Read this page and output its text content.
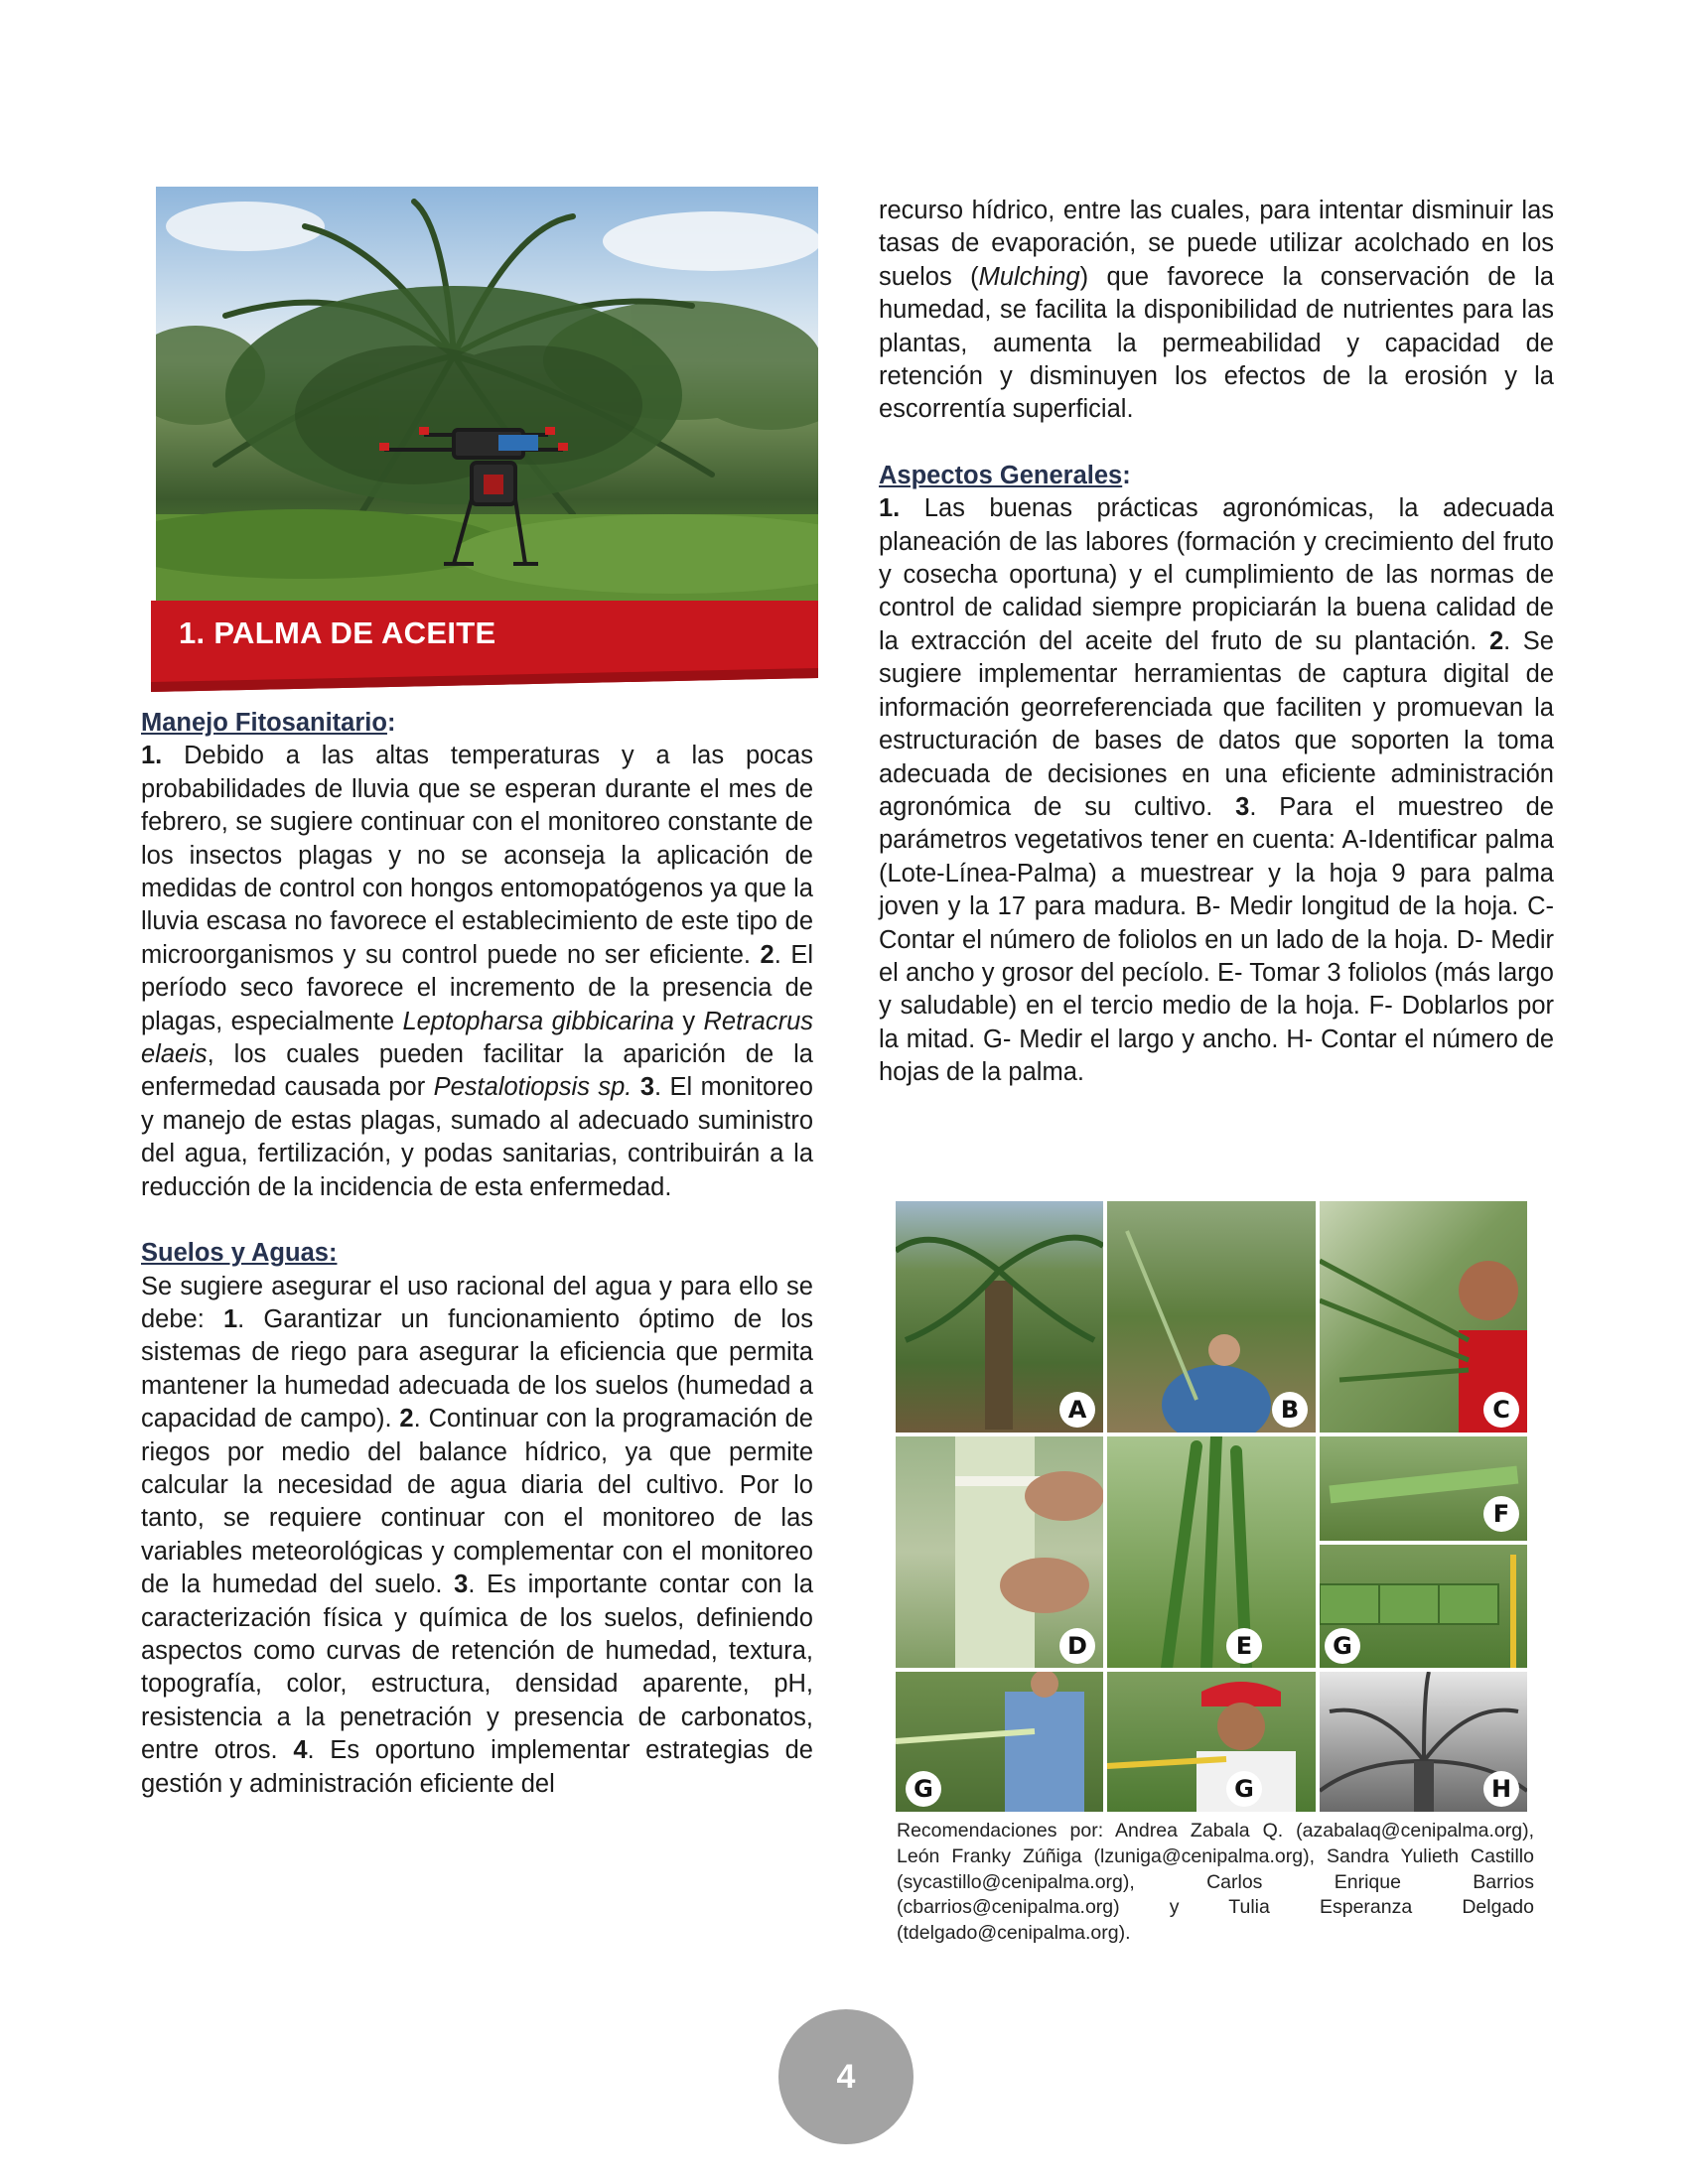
1. PALMA DE ACEITE
Manejo Fitosanitario:

1. Debido a las altas temperaturas y a las pocas probabilidades de lluvia que se esperan durante el mes de febrero, se sugiere continuar con el monitoreo constante de los insectos plagas y no se aconseja la aplicación de medidas de control con hongos entomopatógenos ya que la lluvia escasa no favorece el establecimiento de este tipo de microorganismos y su control puede no ser eficiente. 2. El período seco favorece el incremento de la presencia de plagas, especialmente Leptopharsa gibbicarina y Retracrus elaeis, los cuales pueden facilitar la aparición de la enfermedad causada por Pestalotiopsis sp. 3. El monitoreo y manejo de estas plagas, sumado al adecuado suministro del agua, fertilización, y podas sanitarias, contribuirán a la reducción de la incidencia de esta enfermedad.

Suelos y Aguas:

Se sugiere asegurar el uso racional del agua y para ello se debe: 1. Garantizar un funcionamiento óptimo de los sistemas de riego para asegurar la eficiencia que permita mantener la humedad adecuada de los suelos (humedad a capacidad de campo). 2. Continuar con la programación de riegos por medio del balance hídrico, ya que permite calcular la necesidad de agua diaria del cultivo. Por lo tanto, se requiere continuar con el monitoreo de las variables meteorológicas y complementar con el monitoreo de la humedad del suelo. 3. Es importante contar con la caracterización física y química de los suelos, definiendo aspectos como curvas de retención de humedad, textura, topografía, color, estructura, densidad aparente, pH, resistencia a la penetración y presencia de carbonatos, entre otros. 4. Es oportuno implementar estrategias de gestión y administración eficiente del

recurso hídrico, entre las cuales, para intentar disminuir las tasas de evaporación, se puede utilizar acolchado en los suelos (Mulching) que favorece la conservación de la humedad, se facilita la disponibilidad de nutrientes para las plantas, aumenta la permeabilidad y capacidad de retención y disminuyen los efectos de la erosión y la escorrentía superficial.

Aspectos Generales:

1. Las buenas prácticas agronómicas, la adecuada planeación de las labores (formación y crecimiento del fruto y cosecha oportuna) y el cumplimiento de las normas de control de calidad siempre propiciarán la buena calidad de la extracción del aceite del fruto de su plantación. 2. Se sugiere implementar herramientas de captura digital de información georreferenciada que faciliten y promuevan la estructuración de bases de datos que soporten la toma adecuada de decisiones en una eficiente administración agronómica de su cultivo. 3. Para el muestreo de parámetros vegetativos tener en cuenta: A-Identificar palma (Lote-Línea-Palma) a muestrear y la hoja 9 para palma joven y la 17 para madura. B- Medir longitud de la hoja. C- Contar el número de foliolos en un lado de la hoja. D- Medir el ancho y grosor del pecíolo. E- Tomar 3 foliolos (más largo y saludable) en el tercio medio de la hoja. F- Doblarlos por la mitad. G- Medir el largo y ancho. H- Contar el número de hojas de la palma.

A	B	C
D	E
F
G
G	G	H
Recomendaciones por: Andrea Zabala Q. (azabalaq@cenipalma.org), León Franky Zúñiga (lzuniga@cenipalma.org), Sandra Yulieth Castillo (sycastillo@cenipalma.org), Carlos Enrique Barrios (cbarrios@cenipalma.org) y Tulia Esperanza Delgado (tdelgado@cenipalma.org).
4
